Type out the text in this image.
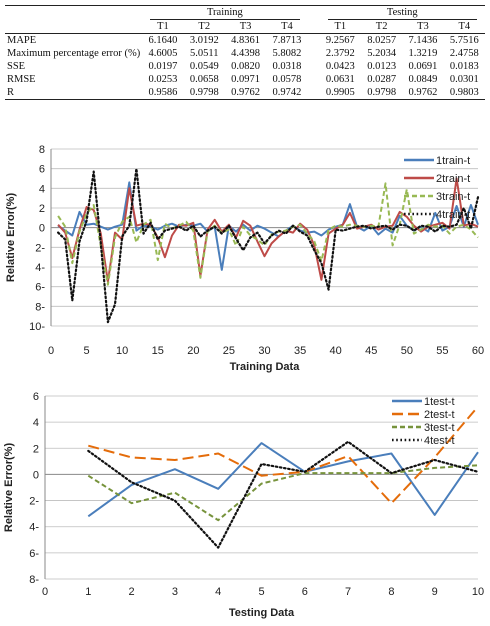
	Training					Testing			

	T1	T2	T3	T4		T1	T2	T3	T4
MAPE	6.1640	3.0192	4.8361	7.8713		9.2567	8.0257	7.1436	5.7516
Maximum percentage error (%)	4.6005	5.0511	4.4398	5.8082		2.3792	5.2034	1.3219	2.4758
SSE	0.0197	0.0549	0.0820	0.0318		0.0423	0.0123	0.0691	0.0183
RMSE	0.0253	0.0658	0.0971	0.0578		0.0631	0.0287	0.0849	0.0301
R	0.9586	0.9798	0.9762	0.9742		0.9905	0.9798	0.9762	0.9803
8
6
4
2
0
2-
4-
6-
8-
10-
0	5 10 15 20 25 30 35 40 45 50 55 60
Training Data
Relative Error(%)
1train-t
2train-t
3train-t
4train-t
6
4
2
0
2-
4-
6-
8-
0	1	2	3	4	5	6	7	8	9	10
Testing Data
Relative Error(%)
1test-t
2test-t
3test-t
4test-t
